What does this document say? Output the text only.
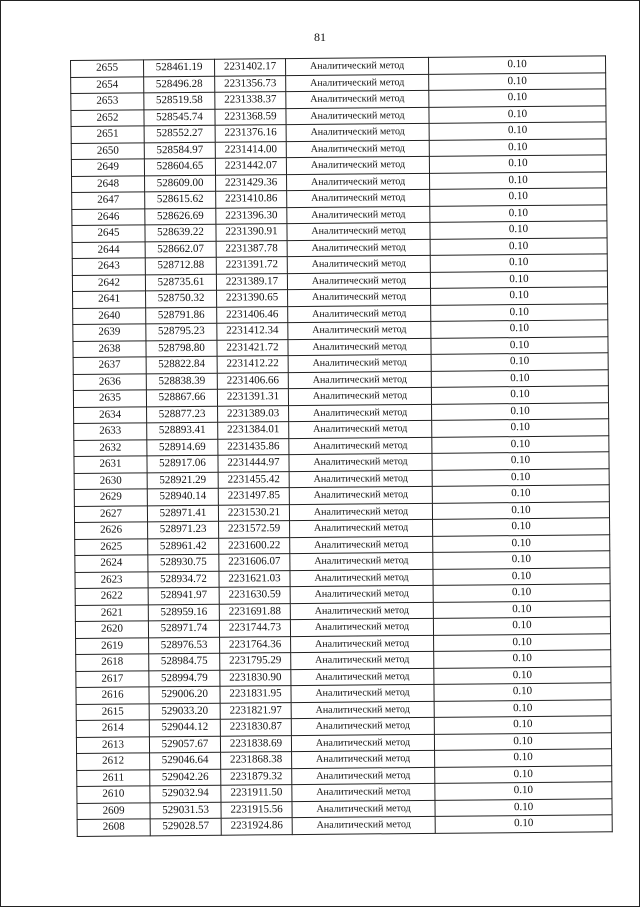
81
2655	528461.19	2231402.17	Аналитический метод	0.10
2654	528496.28	2231356.73	Аналитический метод	0.10
2653	528519.58	2231338.37	Аналитический метод	0.10
2652	528545.74	2231368.59	Аналитический метод	0.10
2651	528552.27	2231376.16	Аналитический метод	0.10
2650	528584.97	2231414.00	Аналитический метод	0.10
2649	528604.65	2231442.07	Аналитический метод	0.10
2648	528609.00	2231429.36	Аналитический метод	0.10
2647	528615.62	2231410.86	Аналитический метод	0.10
2646	528626.69	2231396.30	Аналитический метод	0.10
2645	528639.22	2231390.91	Аналитический метод	0.10
2644	528662.07	2231387.78	Аналитический метод	0.10
2643	528712.88	2231391.72	Аналитический метод	0.10
2642	528735.61	2231389.17	Аналитический метод	0.10
2641	528750.32	2231390.65	Аналитический метод	0.10
2640	528791.86	2231406.46	Аналитический метод	0.10
2639	528795.23	2231412.34	Аналитический метод	0.10
2638	528798.80	2231421.72	Аналитический метод	0.10
2637	528822.84	2231412.22	Аналитический метод	0.10
2636	528838.39	2231406.66	Аналитический метод	0.10
2635	528867.66	2231391.31	Аналитический метод	0.10
2634	528877.23	2231389.03	Аналитический метод	0.10
2633	528893.41	2231384.01	Аналитический метод	0.10
2632	528914.69	2231435.86	Аналитический метод	0.10
2631	528917.06	2231444.97	Аналитический метод	0.10
2630	528921.29	2231455.42	Аналитический метод	0.10
2629	528940.14	2231497.85	Аналитический метод	0.10
2627	528971.41	2231530.21	Аналитический метод	0.10
2626	528971.23	2231572.59	Аналитический метод	0.10
2625	528961.42	2231600.22	Аналитический метод	0.10
2624	528930.75	2231606.07	Аналитический метод	0.10
2623	528934.72	2231621.03	Аналитический метод	0.10
2622	528941.97	2231630.59	Аналитический метод	0.10
2621	528959.16	2231691.88	Аналитический метод	0.10
2620	528971.74	2231744.73	Аналитический метод	0.10
2619	528976.53	2231764.36	Аналитический метод	0.10
2618	528984.75	2231795.29	Аналитический метод	0.10
2617	528994.79	2231830.90	Аналитический метод	0.10
2616	529006.20	2231831.95	Аналитический метод	0.10
2615	529033.20	2231821.97	Аналитический метод	0.10
2614	529044.12	2231830.87	Аналитический метод	0.10
2613	529057.67	2231838.69	Аналитический метод	0.10
2612	529046.64	2231868.38	Аналитический метод	0.10
2611	529042.26	2231879.32	Аналитический метод	0.10
2610	529032.94	2231911.50	Аналитический метод	0.10
2609	529031.53	2231915.56	Аналитический метод	0.10
2608	529028.57	2231924.86	Аналитический метод	0.10
